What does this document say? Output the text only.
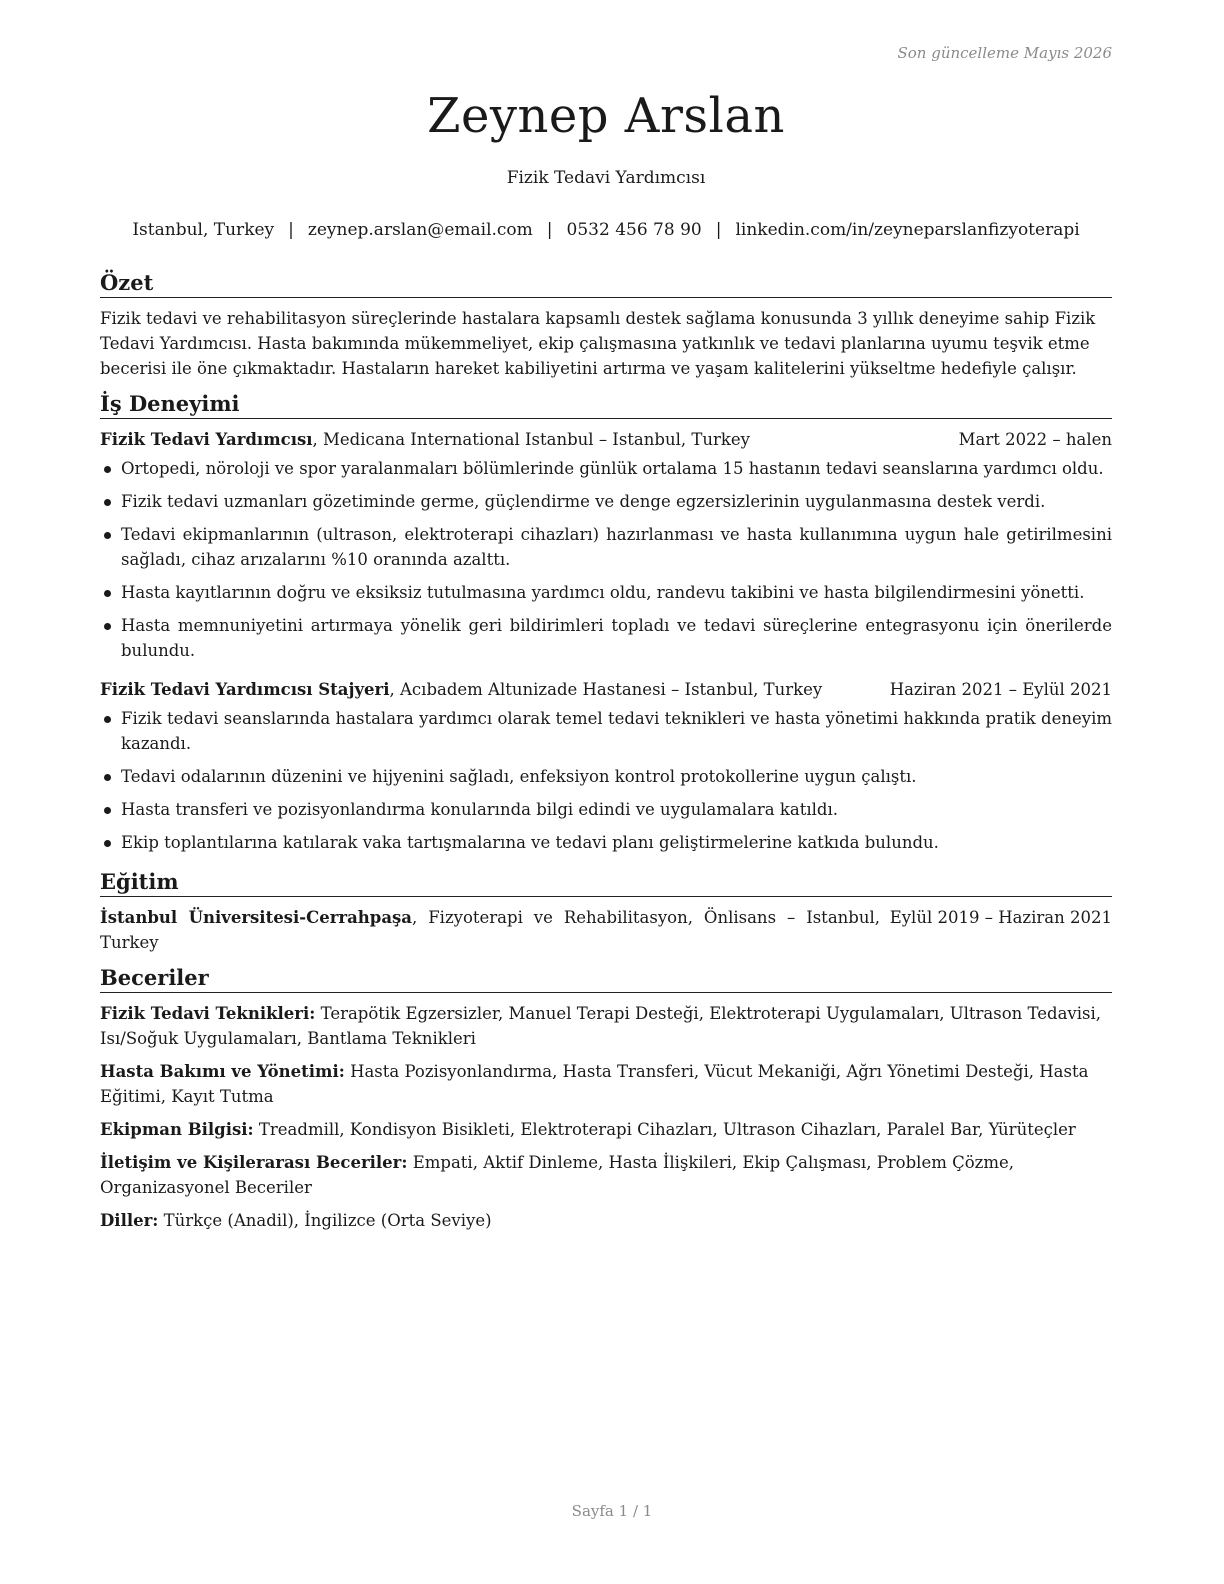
Son güncelleme Mayıs 2026
Zeynep Arslan
Fizik Tedavi Yardımcısı
Istanbul, Turkey | zeynep.arslan@email.com | 0532 456 78 90 | linkedin.com/in/zeyneparslanfizyoterapi
Özet

Fizik tedavi ve rehabilitasyon süreçlerinde hastalara kapsamlı destek sağlama konusunda 3 yıllık deneyime sahip Fizik Tedavi Yardımcısı. Hasta bakımında mükemmeliyet, ekip çalışmasına yatkınlık ve tedavi planlarına uyumu teşvik etme becerisi ile öne çıkmaktadır. Hastaların hareket kabiliyetini artırma ve yaşam kalitelerini yükseltme hedefiyle çalışır.

İş Deneyimi
Fizik Tedavi Yardımcısı, Medicana International Istanbul – Istanbul, Turkey	Mart 2022 – halen
Ortopedi, nöroloji ve spor yaralanmaları bölümlerinde günlük ortalama 15 hastanın tedavi seanslarına yardımcı oldu.
Fizik tedavi uzmanları gözetiminde germe, güçlendirme ve denge egzersizlerinin uygulanmasına destek verdi.
Tedavi ekipmanlarının (ultrason, elektroterapi cihazları) hazırlanması ve hasta kullanımına uygun hale getirilmesini sağladı, cihaz arızalarını %10 oranında azalttı.
Hasta kayıtlarının doğru ve eksiksiz tutulmasına yardımcı oldu, randevu takibini ve hasta bilgilendirmesini yönetti.
Hasta memnuniyetini artırmaya yönelik geri bildirimleri topladı ve tedavi süreçlerine entegrasyonu için önerilerde bulundu.
Fizik Tedavi Yardımcısı Stajyeri, Acıbadem Altunizade Hastanesi – Istanbul, Turkey	Haziran 2021 – Eylül 2021
Fizik tedavi seanslarında hastalara yardımcı olarak temel tedavi teknikleri ve hasta yönetimi hakkında pratik deneyim kazandı.
Tedavi odalarının düzenini ve hijyenini sağladı, enfeksiyon kontrol protokollerine uygun çalıştı.
Hasta transferi ve pozisyonlandırma konularında bilgi edindi ve uygulamalara katıldı.
Ekip toplantılarına katılarak vaka tartışmalarına ve tedavi planı geliştirmelerine katkıda bulundu.
Eğitim
İstanbul Üniversitesi-Cerrahpaşa, Fizyoterapi ve Rehabilitasyon, Önlisans – Istanbul, Turkey
Eylül 2019 – Haziran 2021
Beceriler
Fizik Tedavi Teknikleri: Terapötik Egzersizler, Manuel Terapi Desteği, Elektroterapi Uygulamaları, Ultrason Tedavisi, Isı/Soğuk Uygulamaları, Bantlama Teknikleri
Hasta Bakımı ve Yönetimi: Hasta Pozisyonlandırma, Hasta Transferi, Vücut Mekaniği, Ağrı Yönetimi Desteği, Hasta Eğitimi, Kayıt Tutma
Ekipman Bilgisi: Treadmill, Kondisyon Bisikleti, Elektroterapi Cihazları, Ultrason Cihazları, Paralel Bar, Yürüteçler
İletişim ve Kişilerarası Beceriler: Empati, Aktif Dinleme, Hasta İlişkileri, Ekip Çalışması, Problem Çözme, Organizasyonel Beceriler
Diller: Türkçe (Anadil), İngilizce (Orta Seviye)
Sayfa 1 / 1
